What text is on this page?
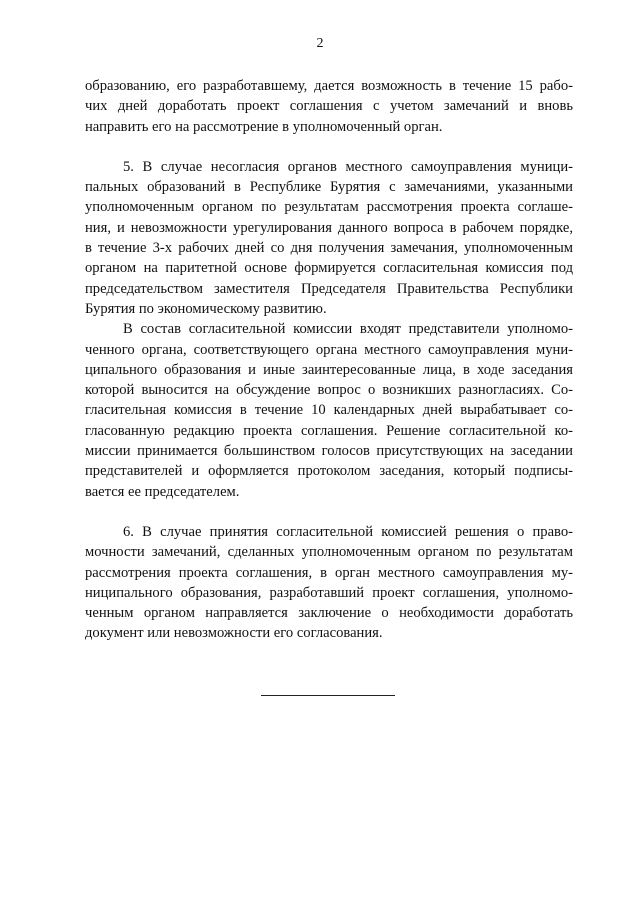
2
образованию, его разработавшему, дается возможность в течение 15 рабо-
чих дней доработать проект соглашения с учетом замечаний и вновь
направить его на рассмотрение в уполномоченный орган.
5. В случае несогласия органов местного самоуправления муници-
пальных образований в Республике Бурятия с замечаниями, указанными
уполномоченным органом по результатам рассмотрения проекта соглаше-
ния, и невозможности урегулирования данного вопроса в рабочем порядке,
в течение 3-х рабочих дней со дня получения замечания, уполномоченным
органом на паритетной основе формируется согласительная комиссия под
председательством заместителя Председателя Правительства Республики
Бурятия по экономическому развитию.
В состав согласительной комиссии входят представители уполномо-
ченного органа, соответствующего органа местного самоуправления муни-
ципального образования и иные заинтересованные лица, в ходе заседания
которой выносится на обсуждение вопрос о возникших разногласиях. Со-
гласительная комиссия в течение 10 календарных дней вырабатывает со-
гласованную редакцию проекта соглашения. Решение согласительной ко-
миссии принимается большинством голосов присутствующих на заседании
представителей и оформляется протоколом заседания, который подписы-
вается ее председателем.
6. В случае принятия согласительной комиссией решения о право-
мочности замечаний, сделанных уполномоченным органом по результатам
рассмотрения проекта соглашения, в орган местного самоуправления му-
ниципального образования, разработавший проект соглашения, уполномо-
ченным органом направляется заключение о необходимости доработать
документ или невозможности его согласования.
